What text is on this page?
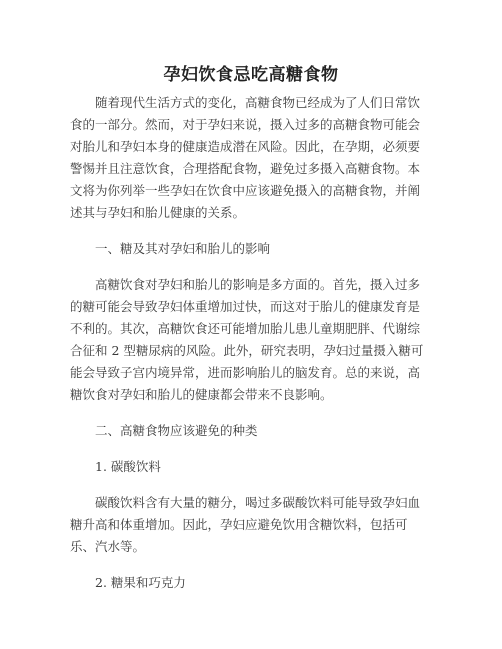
孕妇饮食忌吃高糖食物

随着现代生活方式的变化，高糖食物已经成为了人们日常饮食的一部分。然而，对于孕妇来说，摄入过多的高糖食物可能会对胎儿和孕妇本身的健康造成潜在风险。因此，在孕期，必须要警惕并且注意饮食，合理搭配食物，避免过多摄入高糖食物。本文将为你列举一些孕妇在饮食中应该避免摄入的高糖食物，并阐述其与孕妇和胎儿健康的关系。

一、糖及其对孕妇和胎儿的影响

高糖饮食对孕妇和胎儿的影响是多方面的。首先，摄入过多的糖可能会导致孕妇体重增加过快，而这对于胎儿的健康发育是不利的。其次，高糖饮食还可能增加胎儿患儿童期肥胖、代谢综合征和 2 型糖尿病的风险。此外，研究表明，孕妇过量摄入糖可能会导致子宫内境异常，进而影响胎儿的脑发育。总的来说，高糖饮食对孕妇和胎儿的健康都会带来不良影响。

二、高糖食物应该避免的种类

1. 碳酸饮料

碳酸饮料含有大量的糖分，喝过多碳酸饮料可能导致孕妇血糖升高和体重增加。因此，孕妇应避免饮用含糖饮料，包括可乐、汽水等。

2. 糖果和巧克力
